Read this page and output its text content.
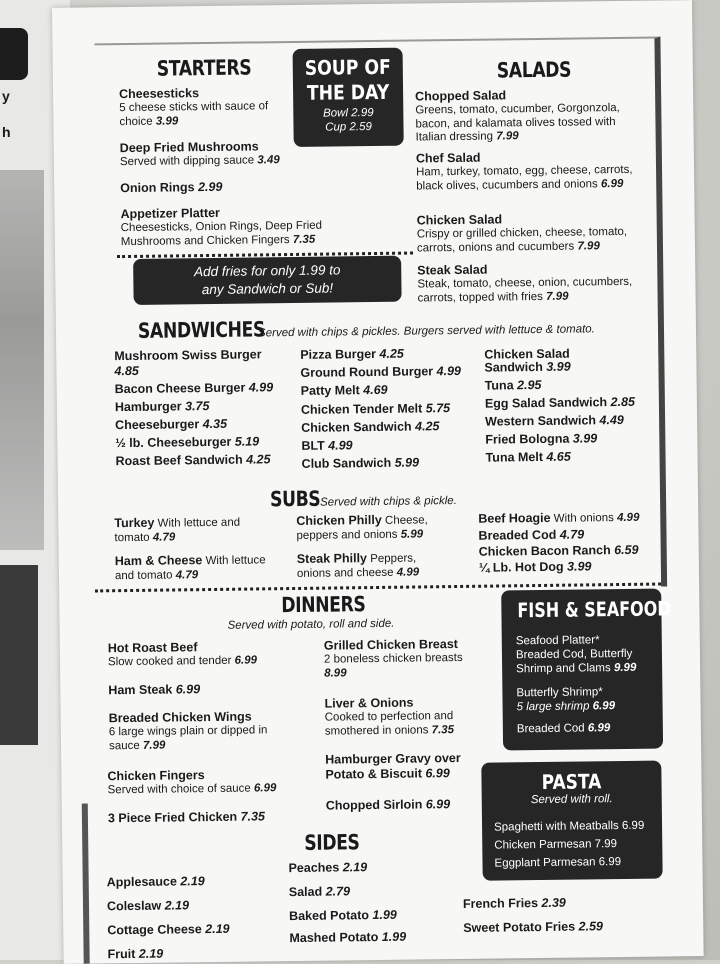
y
h
STARTERS
Cheesesticks
5 cheese sticks with sauce of choice 3.99
Deep Fried Mushrooms
Served with dipping sauce 3.49
Onion Rings 2.99
Appetizer Platter
Cheesesticks, Onion Rings, Deep Fried Mushrooms and Chicken Fingers 7.35
SOUP OF
THE DAY
Bowl 2.99
Cup 2.59
SALADS
Chopped Salad
Greens, tomato, cucumber, Gorgonzola, bacon, and kalamata olives tossed with Italian dressing 7.99
Chef Salad
Ham, turkey, tomato, egg, cheese, carrots, black olives, cucumbers and onions 6.99
Chicken Salad
Crispy or grilled chicken, cheese, tomato, carrots, onions and cucumbers 7.99
Steak Salad
Steak, tomato, cheese, onion, cucumbers, carrots, topped with fries 7.99
Add fries for only 1.99 to
any Sandwich or Sub!
SANDWICHES
Served with chips & pickles. Burgers served with lettuce & tomato.
Mushroom Swiss Burger
4.85
Bacon Cheese Burger 4.99
Hamburger 3.75
Cheeseburger 4.35
½ lb. Cheeseburger 5.19
Roast Beef Sandwich 4.25
Pizza Burger 4.25
Ground Round Burger 4.99
Patty Melt 4.69
Chicken Tender Melt 5.75
Chicken Sandwich 4.25
BLT 4.99
Club Sandwich 5.99
Chicken Salad Sandwich 3.99
Tuna 2.95
Egg Salad Sandwich 2.85
Western Sandwich 4.49
Fried Bologna 3.99
Tuna Melt 4.65
SUBS Served with chips & pickle.
Turkey With lettuce and tomato 4.79
Ham & Cheese With lettuce and tomato 4.79
Chicken Philly Cheese, peppers and onions 5.99
Steak Philly Peppers, onions and cheese 4.99
Beef Hoagie With onions 4.99
Breaded Cod 4.79
Chicken Bacon Ranch 6.59
¼ Lb. Hot Dog 3.99
DINNERS
Served with potato, roll and side.
Hot Roast Beef
Slow cooked and tender 6.99
Ham Steak 6.99
Breaded Chicken Wings
6 large wings plain or dipped in sauce 7.99
Chicken Fingers
Served with choice of sauce 6.99
3 Piece Fried Chicken 7.35
Grilled Chicken Breast
2 boneless chicken breasts 8.99
Liver & Onions
Cooked to perfection and smothered in onions 7.35
Hamburger Gravy over Potato & Biscuit 6.99
Chopped Sirloin 6.99
FISH & SEAFOOD
Seafood Platter*
Breaded Cod, Butterfly Shrimp and Clams 9.99
Butterfly Shrimp*
5 large shrimp 6.99
Breaded Cod 6.99
PASTA
Served with roll.
Spaghetti with Meatballs 6.99
Chicken Parmesan 7.99
Eggplant Parmesan 6.99
SIDES
Applesauce 2.19
Coleslaw 2.19
Cottage Cheese 2.19
Fruit 2.19
Peaches 2.19
Salad 2.79
Baked Potato 1.99
Mashed Potato 1.99
French Fries 2.39
Sweet Potato Fries 2.59
